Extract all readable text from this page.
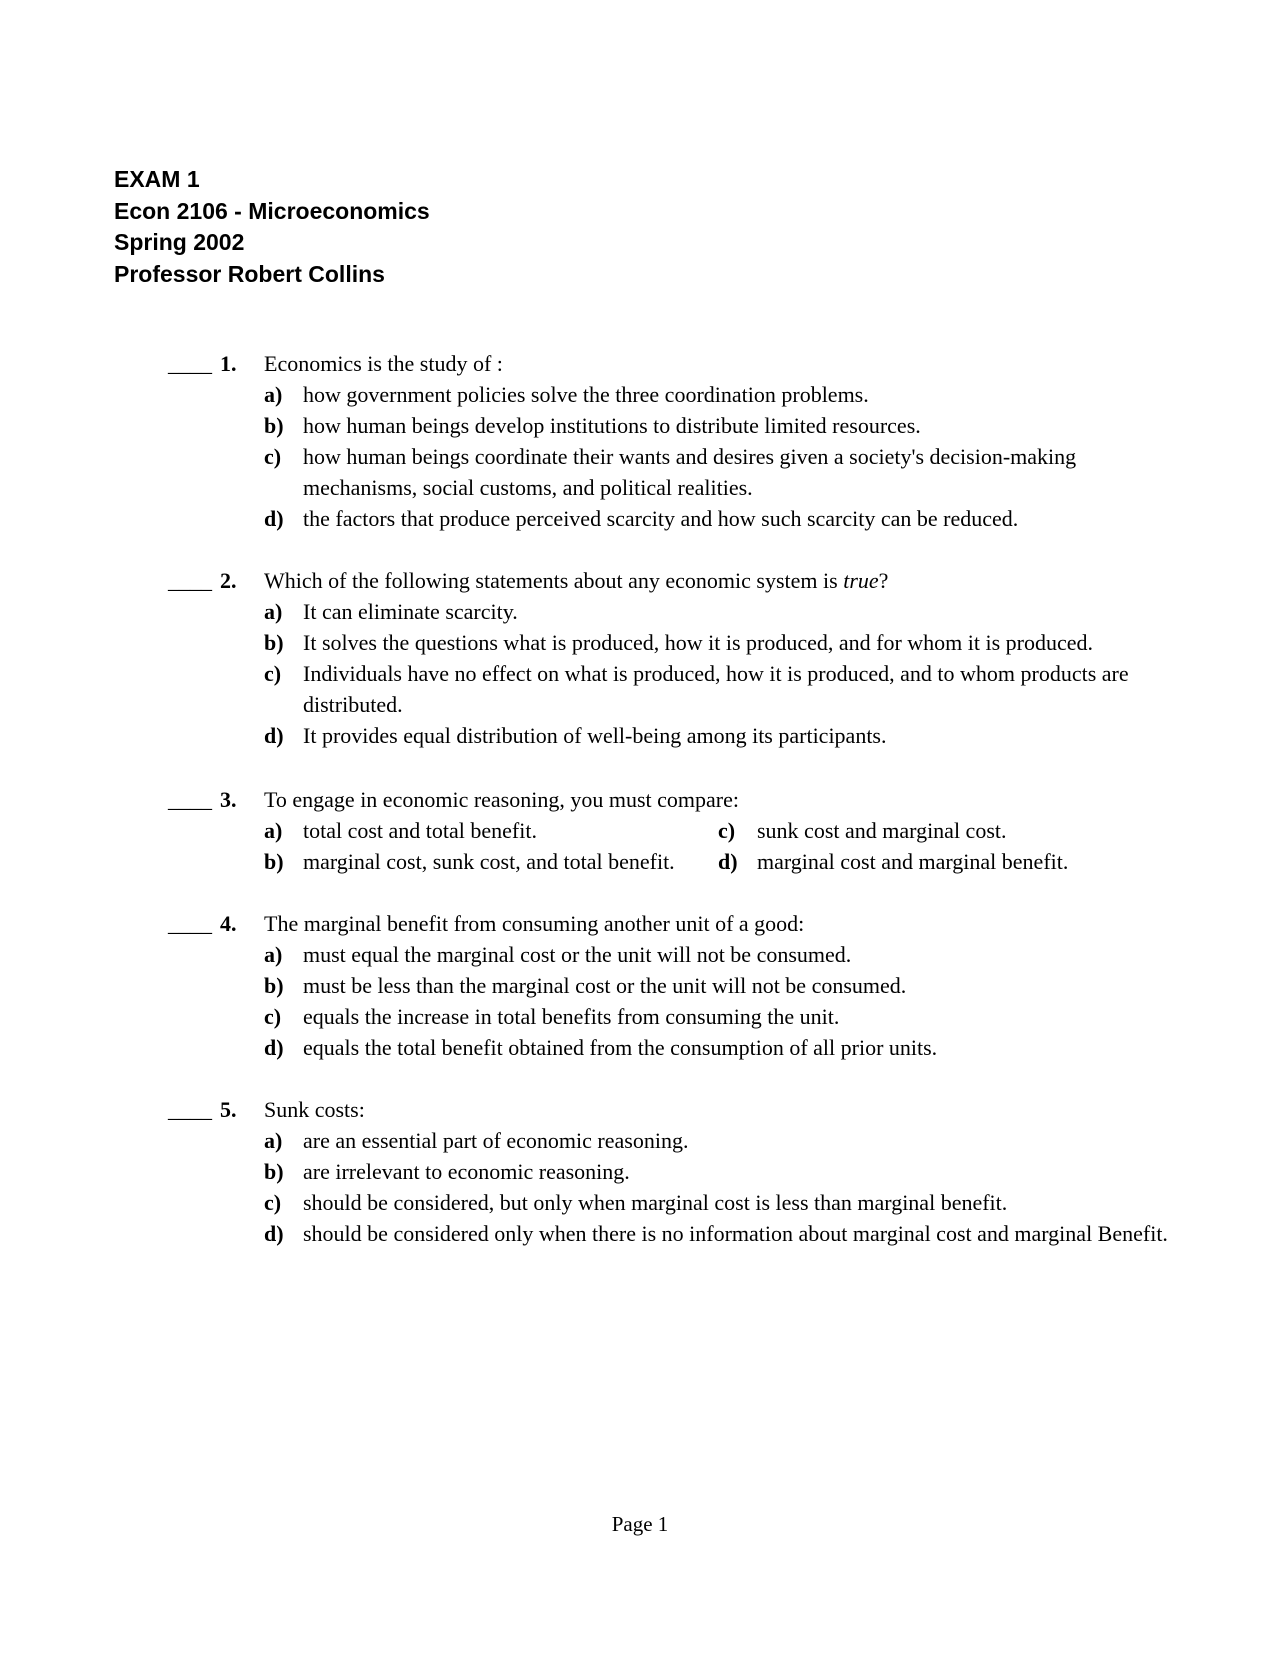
EXAM 1
Econ 2106 - Microeconomics
Spring 2002
Professor Robert Collins
____ 1. Economics is the study of :
a) how government policies solve the three coordination problems.
b) how human beings develop institutions to distribute limited resources.
c) how human beings coordinate their wants and desires given a society's decision-making mechanisms, social customs, and political realities.
d) the factors that produce perceived scarcity and how such scarcity can be reduced.
____ 2. Which of the following statements about any economic system is true?
a) It can eliminate scarcity.
b) It solves the questions what is produced, how it is produced, and for whom it is produced.
c) Individuals have no effect on what is produced, how it is produced, and to whom products are distributed.
d) It provides equal distribution of well-being among its participants.
____ 3. To engage in economic reasoning, you must compare:
a) total cost and total benefit.
b) marginal cost, sunk cost, and total benefit.
c) sunk cost and marginal cost.
d) marginal cost and marginal benefit.
____ 4. The marginal benefit from consuming another unit of a good:
a) must equal the marginal cost or the unit will not be consumed.
b) must be less than the marginal cost or the unit will not be consumed.
c) equals the increase in total benefits from consuming the unit.
d) equals the total benefit obtained from the consumption of all prior units.
____ 5. Sunk costs:
a) are an essential part of economic reasoning.
b) are irrelevant to economic reasoning.
c) should be considered, but only when marginal cost is less than marginal benefit.
d) should be considered only when there is no information about marginal cost and marginal Benefit.
Page 1
